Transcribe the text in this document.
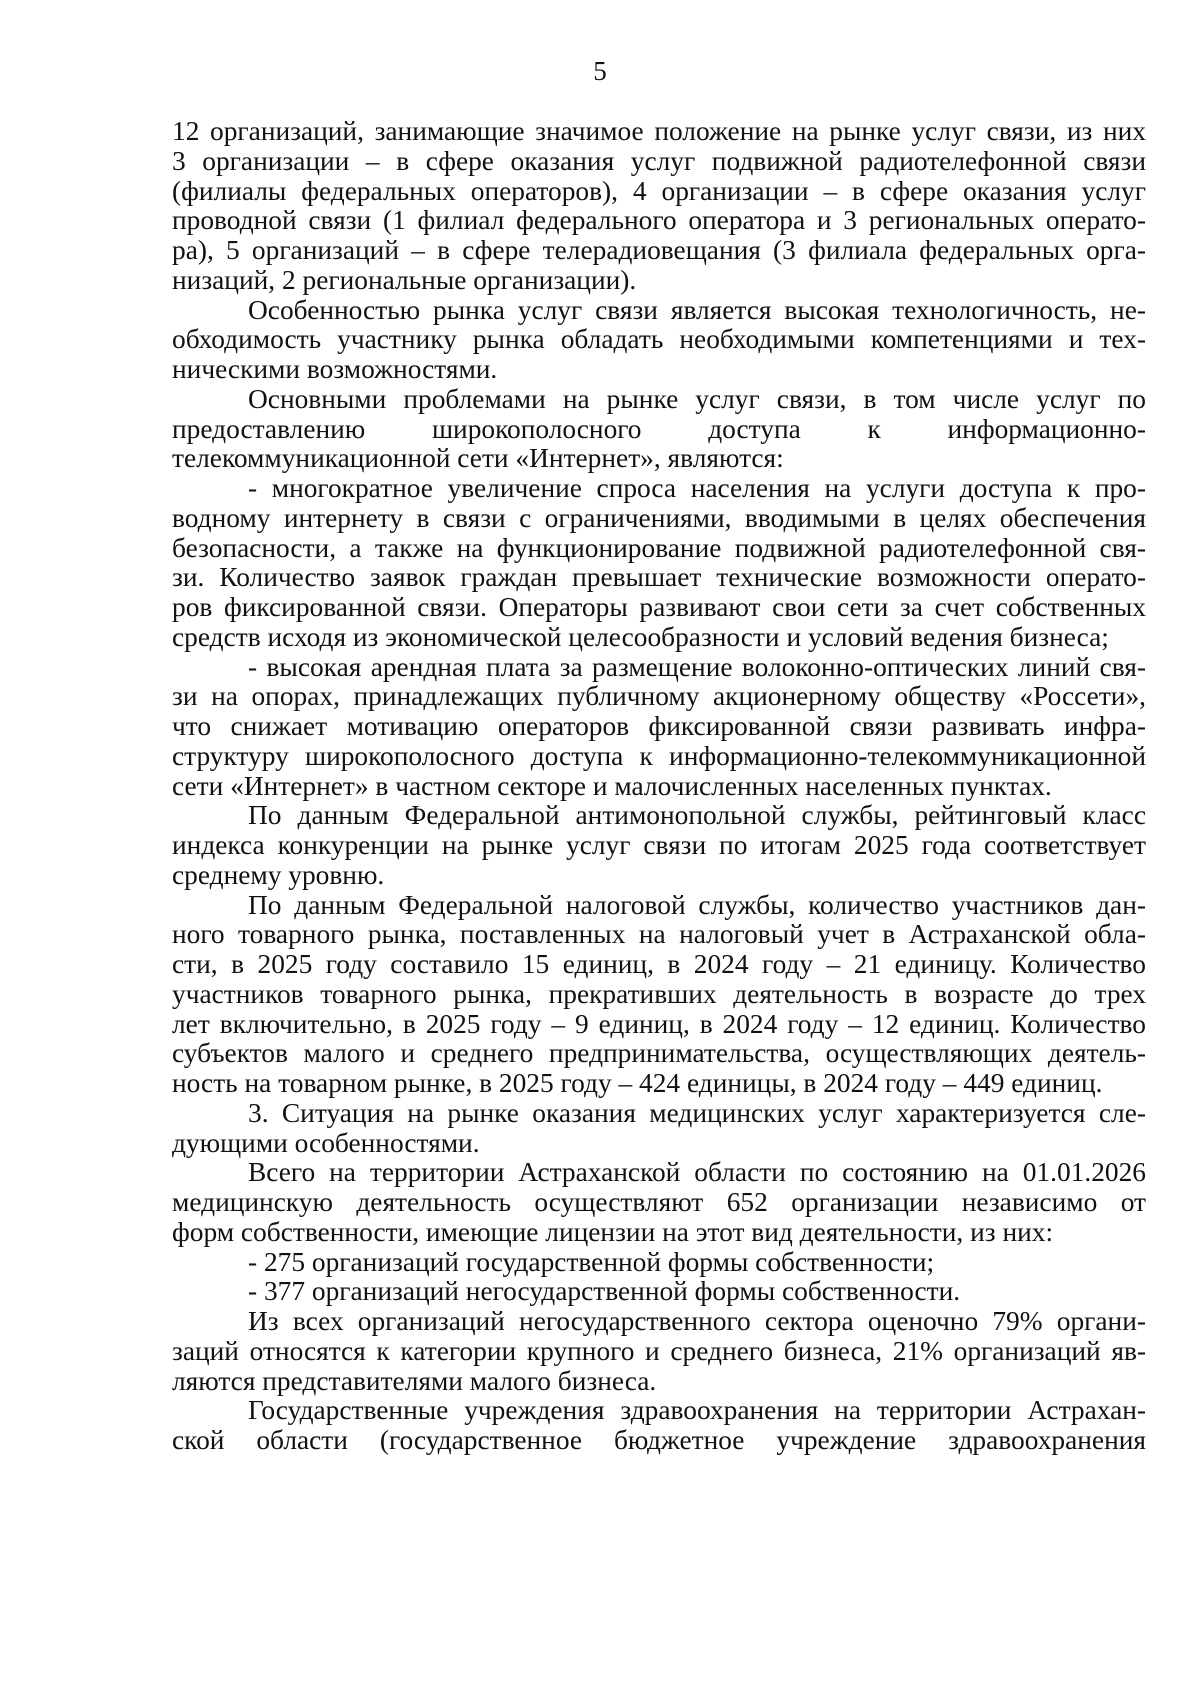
5
12 организаций, занимающие значимое положение на рынке услуг связи, из них
3 организации – в сфере оказания услуг подвижной радиотелефонной связи
(филиалы федеральных операторов), 4 организации – в сфере оказания услуг
проводной связи (1 филиал федерального оператора и 3 региональных операто-
ра), 5 организаций – в сфере телерадиовещания (3 филиала федеральных орга-
низаций, 2 региональные организации).
Особенностью рынка услуг связи является высокая технологичность, не-
обходимость участнику рынка обладать необходимыми компетенциями и тех-
ническими возможностями.
Основными проблемами на рынке услуг связи, в том числе услуг по
предоставлению широкополосного доступа к информационно-
телекоммуникационной сети «Интернет», являются:
- многократное увеличение спроса населения на услуги доступа к про-
водному интернету в связи с ограничениями, вводимыми в целях обеспечения
безопасности, а также на функционирование подвижной радиотелефонной свя-
зи. Количество заявок граждан превышает технические возможности операто-
ров фиксированной связи. Операторы развивают свои сети за счет собственных
средств исходя из экономической целесообразности и условий ведения бизнеса;
- высокая арендная плата за размещение волоконно-оптических линий свя-
зи на опорах, принадлежащих публичному акционерному обществу «Россети»,
что снижает мотивацию операторов фиксированной связи развивать инфра-
структуру широкополосного доступа к информационно-телекоммуникационной
сети «Интернет» в частном секторе и малочисленных населенных пунктах.
По данным Федеральной антимонопольной службы, рейтинговый класс
индекса конкуренции на рынке услуг связи по итогам 2025 года соответствует
среднему уровню.
По данным Федеральной налоговой службы, количество участников дан-
ного товарного рынка, поставленных на налоговый учет в Астраханской обла-
сти, в 2025 году составило 15 единиц, в 2024 году – 21 единицу. Количество
участников товарного рынка, прекративших деятельность в возрасте до трех
лет включительно, в 2025 году – 9 единиц, в 2024 году – 12 единиц. Количество
субъектов малого и среднего предпринимательства, осуществляющих деятель-
ность на товарном рынке, в 2025 году – 424 единицы, в 2024 году – 449 единиц.
3. Ситуация на рынке оказания медицинских услуг характеризуется сле-
дующими особенностями.
Всего на территории Астраханской области по состоянию на 01.01.2026
медицинскую деятельность осуществляют 652 организации независимо от
форм собственности, имеющие лицензии на этот вид деятельности, из них:
- 275 организаций государственной формы собственности;
- 377 организаций негосударственной формы собственности.
Из всех организаций негосударственного сектора оценочно 79% органи-
заций относятся к категории крупного и среднего бизнеса, 21% организаций яв-
ляются представителями малого бизнеса.
Государственные учреждения здравоохранения на территории Астрахан-
ской области (государственное бюджетное учреждение здравоохранения
